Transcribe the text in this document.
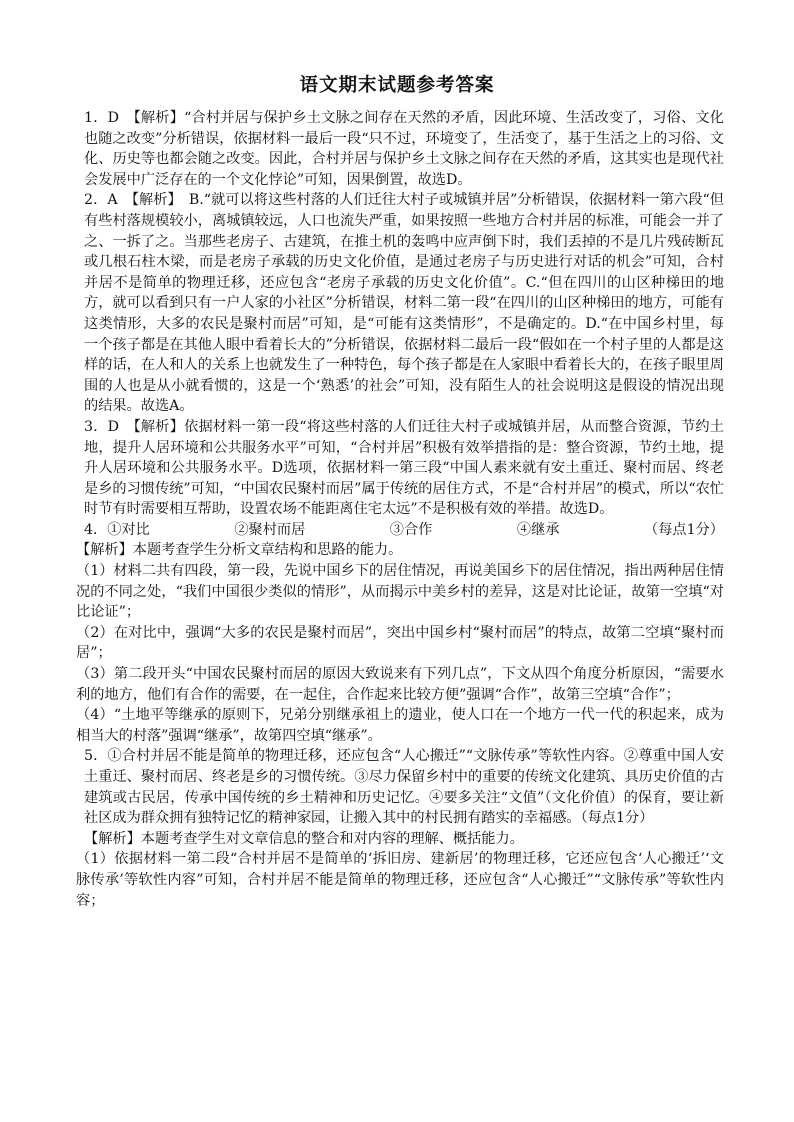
语文期末试题参考答案

1．D　【解析】“合村并居与保护乡土文脉之间存在天然的矛盾，因此环境、生活改变了，习俗、文化也随之改变”分析错误，依据材料一最后一段“只不过，环境变了，生活变了，基于生活之上的习俗、文化、历史等也都会随之改变。因此，合村并居与保护乡土文脉之间存在天然的矛盾，这其实也是现代社会发展中广泛存在的一个文化悖论”可知，因果倒置，故选D。

2．A　【解析】　B.“就可以将这些村落的人们迁往大村子或城镇并居”分析错误，依据材料一第六段“但有些村落规模较小，离城镇较远，人口也流失严重，如果按照一些地方合村并居的标准，可能会一并了之、一拆了之。当那些老房子、古建筑，在推土机的轰鸣中应声倒下时，我们丢掉的不是几片残砖断瓦或几根石柱木梁，而是老房子承载的历史文化价值，是通过老房子与历史进行对话的机会”可知，合村并居不是简单的物理迁移，还应包含“老房子承载的历史文化价值”。C.“但在四川的山区种梯田的地方，就可以看到只有一户人家的小社区”分析错误，材料二第一段“在四川的山区种梯田的地方，可能有这类情形，大多的农民是聚村而居”可知，是“可能有这类情形”，不是确定的。D.“在中国乡村里，每一个孩子都是在其他人眼中看着长大的”分析错误，依据材料二最后一段“假如在一个村子里的人都是这样的话，在人和人的关系上也就发生了一种特色，每个孩子都是在人家眼中看着长大的，在孩子眼里周围的人也是从小就看惯的，这是一个‘熟悉’的社会”可知，没有陌生人的社会说明这是假设的情况出现的结果。故选A。

3．D　【解析】依据材料一第一段“将这些村落的人们迁往大村子或城镇并居，从而整合资源，节约土地，提升人居环境和公共服务水平”可知，“合村并居”积极有效举措指的是：整合资源，节约土地，提升人居环境和公共服务水平。D选项，依据材料一第三段“中国人素来就有安土重迁、聚村而居、终老是乡的习惯传统”可知，“中国农民聚村而居”属于传统的居住方式，不是“合村并居”的模式，所以“农忙时节有时需要相互帮助，设置农场不能距离住宅太远”不是积极有效的举措。故选D。

4．①对比	②聚村而居	③合作	④继承	（每点1分）

【解析】本题考查学生分析文章结构和思路的能力。

（1）材料二共有四段，第一段，先说中国乡下的居住情况，再说美国乡下的居住情况，指出两种居住情况的不同之处，“我们中国很少类似的情形”，从而揭示中美乡村的差异，这是对比论证，故第一空填“对比论证”；

（2）在对比中，强调“大多的农民是聚村而居”，突出中国乡村“聚村而居”的特点，故第二空填“聚村而居”；

（3）第二段开头“中国农民聚村而居的原因大致说来有下列几点”，下文从四个角度分析原因，“需要水利的地方，他们有合作的需要，在一起住，合作起来比较方便”强调“合作”，故第三空填“合作”；

（4）“土地平等继承的原则下，兄弟分别继承祖上的遗业，使人口在一个地方一代一代的积起来，成为相当大的村落”强调“继承”，故第四空填“继承”。

5．①合村并居不能是简单的物理迁移，还应包含“人心搬迁”“文脉传承”等软性内容。②尊重中国人安土重迁、聚村而居、终老是乡的习惯传统。③尽力保留乡村中的重要的传统文化建筑、具历史价值的古建筑或古民居，传承中国传统的乡土精神和历史记忆。④要多关注“文值”（文化价值）的保育，要让新社区成为群众拥有独特记忆的精神家园，让搬入其中的村民拥有踏实的幸福感。（每点1分）

【解析】本题考查学生对文章信息的整合和对内容的理解、概括能力。

（1）依据材料一第二段“合村并居不是简单的‘拆旧房、建新居’的物理迁移，它还应包含‘人心搬迁’‘文脉传承’等软性内容”可知，合村并居不能是简单的物理迁移，还应包含“人心搬迁”“文脉传承”等软性内容；
